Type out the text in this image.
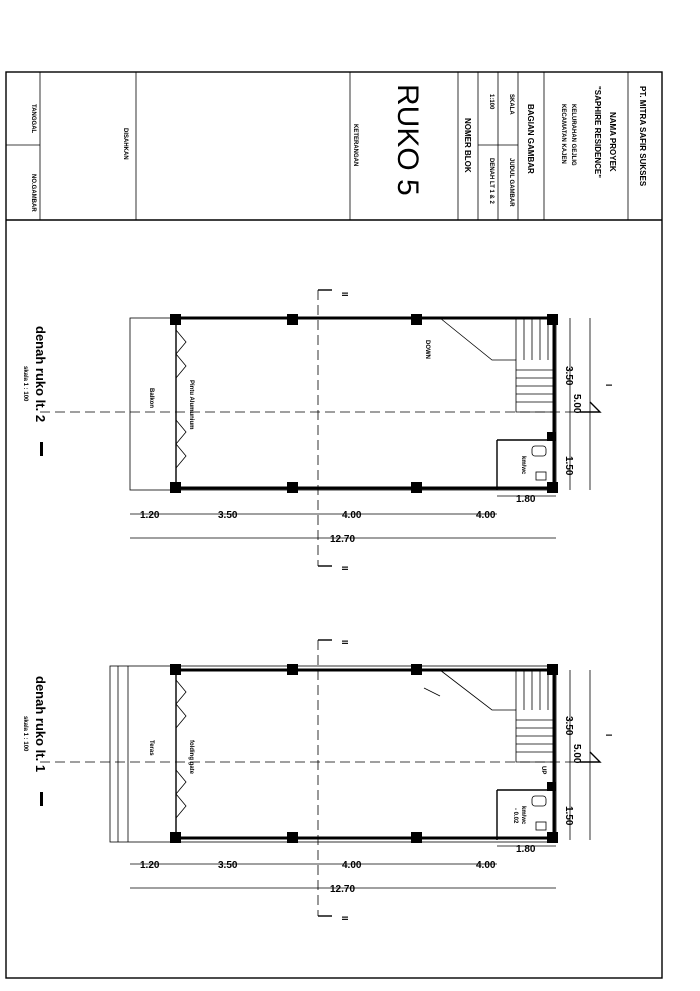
PT. MITRA SAFIR SUKSES
NAMA PROYEK
"SAPHIRE RESIDENCE"
KELURAHAN GEJLIG
KECAMATAN KAJEN
BAGIAN GAMBAR
SKALA
1:100
JUDUL GAMBAR
DENAH LT 1 & 2
NOMER BLOK
RUKO 5
KETERANGAN
DISAHKAN
TANGGAL
NO.GAMBAR
II
I
II
Balkon	Pintu Alumunium
DOWN
km/wc
1.20	3.50	4.00	4.00
12.70
1.80
3.50
1.50
5.00
denah ruko lt. 2
skala 1 : 100
II
I
II
Teras	folding gate	UP
km/wc
- 0.02
1.20	3.50	4.00	4.00
12.70
1.80
3.50
1.50
5.00
denah ruko lt. 1
skala 1 : 100
